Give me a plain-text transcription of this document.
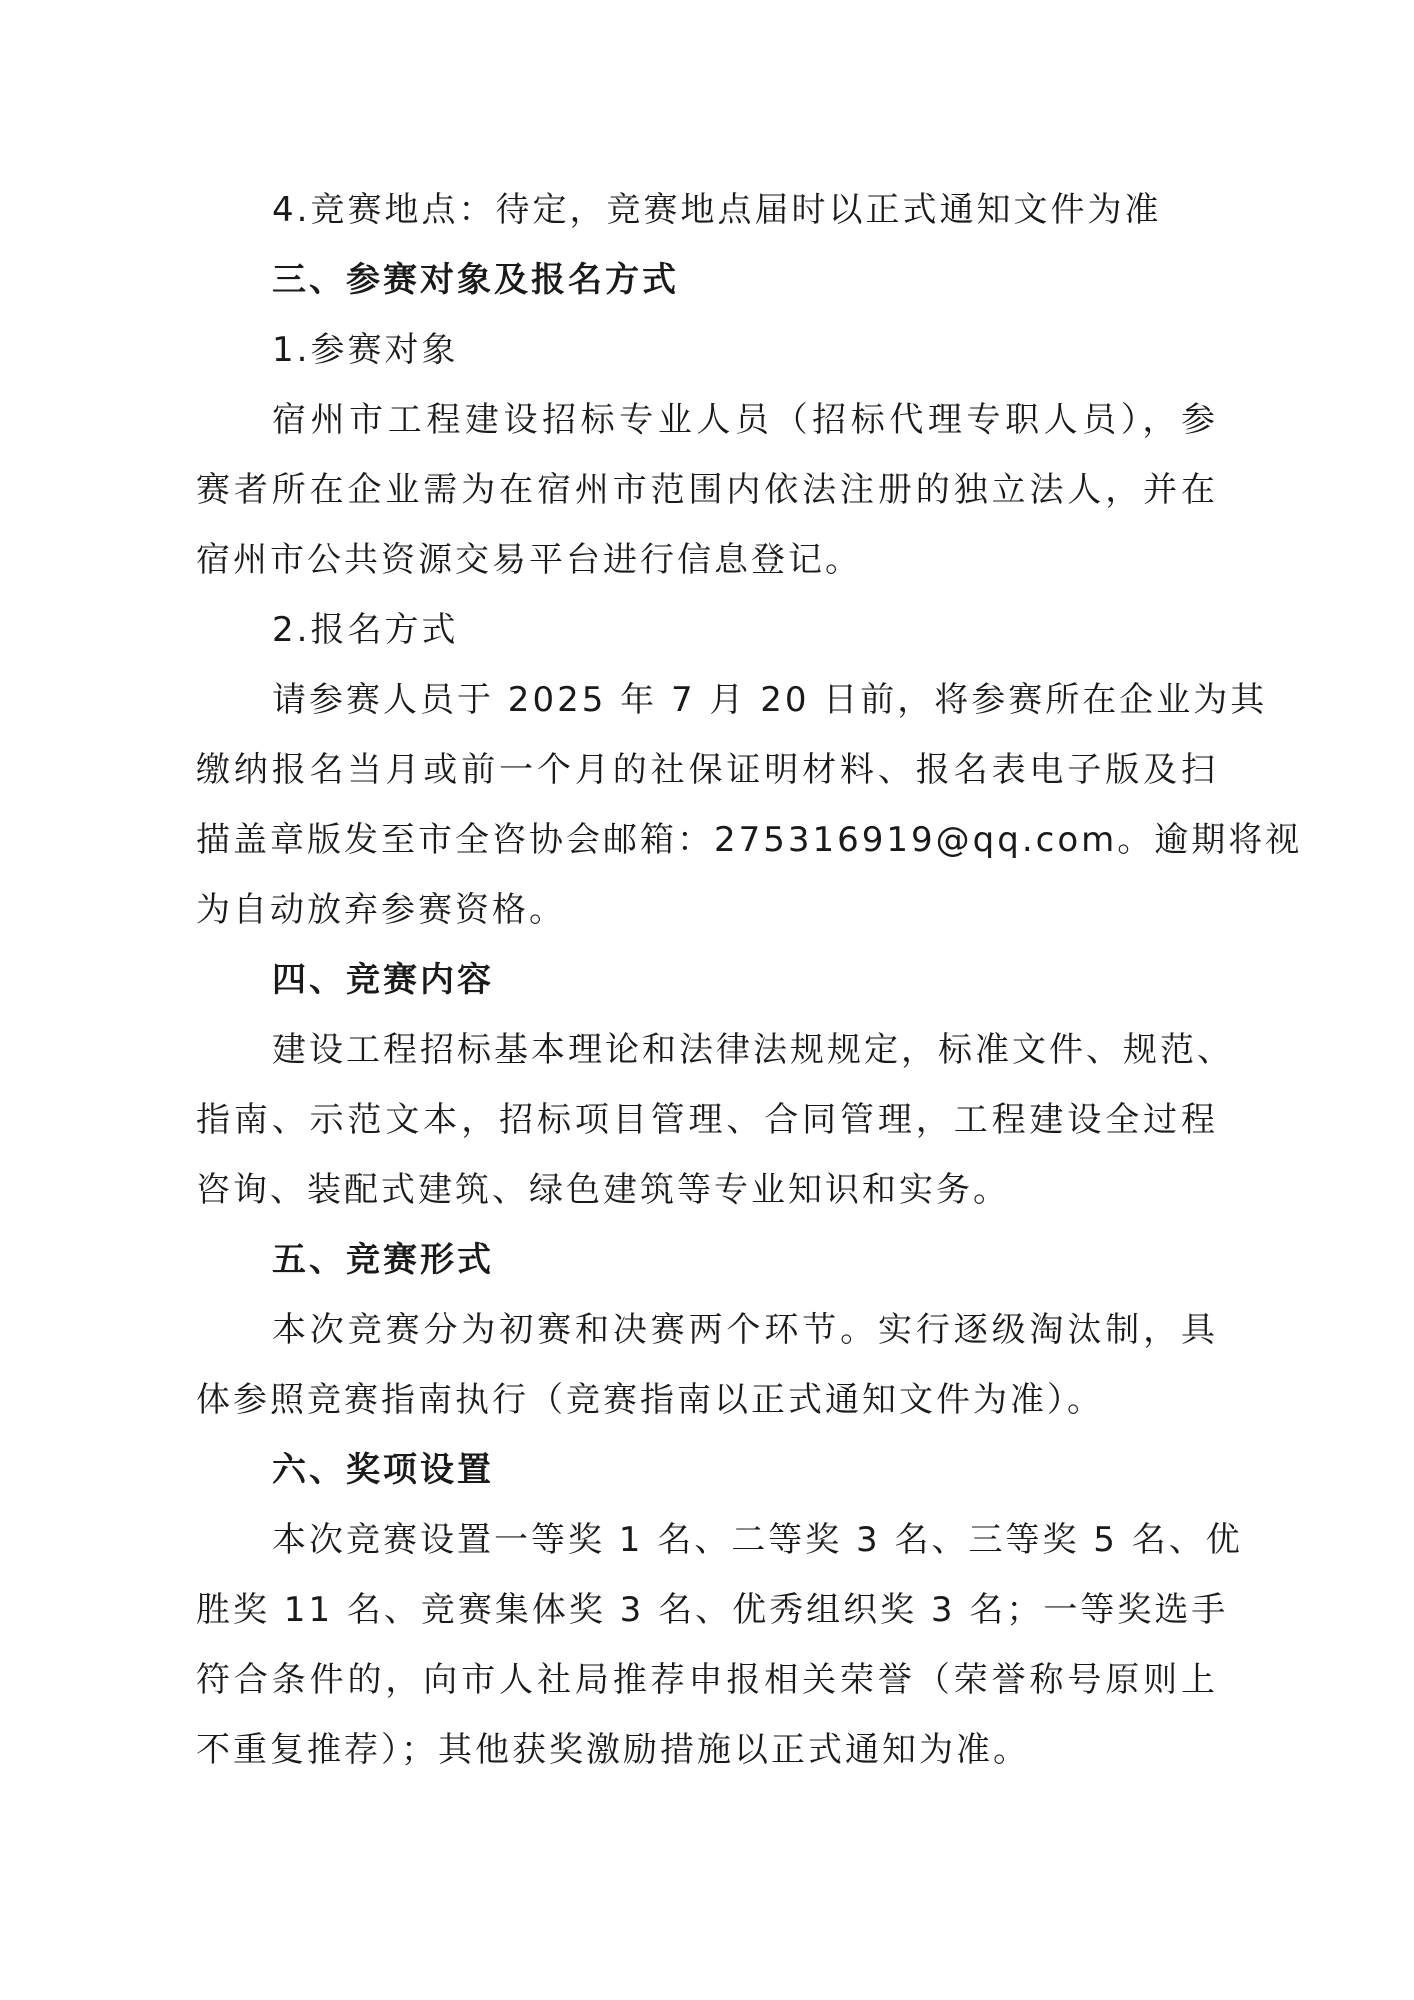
4.竞赛地点：待定，竞赛地点届时以正式通知文件为准

三、参赛对象及报名方式

1.参赛对象

宿州市工程建设招标专业人员（招标代理专职人员），参

赛者所在企业需为在宿州市范围内依法注册的独立法人，并在

宿州市公共资源交易平台进行信息登记。

2.报名方式

请参赛人员于 2025 年 7 月 20 日前，将参赛所在企业为其

缴纳报名当月或前一个月的社保证明材料、报名表电子版及扫

描盖章版发至市全咨协会邮箱：275316919@qq.com。逾期将视

为自动放弃参赛资格。

四、竞赛内容

建设工程招标基本理论和法律法规规定，标准文件、规范、

指南、示范文本，招标项目管理、合同管理，工程建设全过程

咨询、装配式建筑、绿色建筑等专业知识和实务。

五、竞赛形式

本次竞赛分为初赛和决赛两个环节。实行逐级淘汰制，具

体参照竞赛指南执行（竞赛指南以正式通知文件为准）。

六、奖项设置

本次竞赛设置一等奖 1 名、二等奖 3 名、三等奖 5 名、优

胜奖 11 名、竞赛集体奖 3 名、优秀组织奖 3 名；一等奖选手

符合条件的，向市人社局推荐申报相关荣誉（荣誉称号原则上

不重复推荐）；其他获奖激励措施以正式通知为准。
